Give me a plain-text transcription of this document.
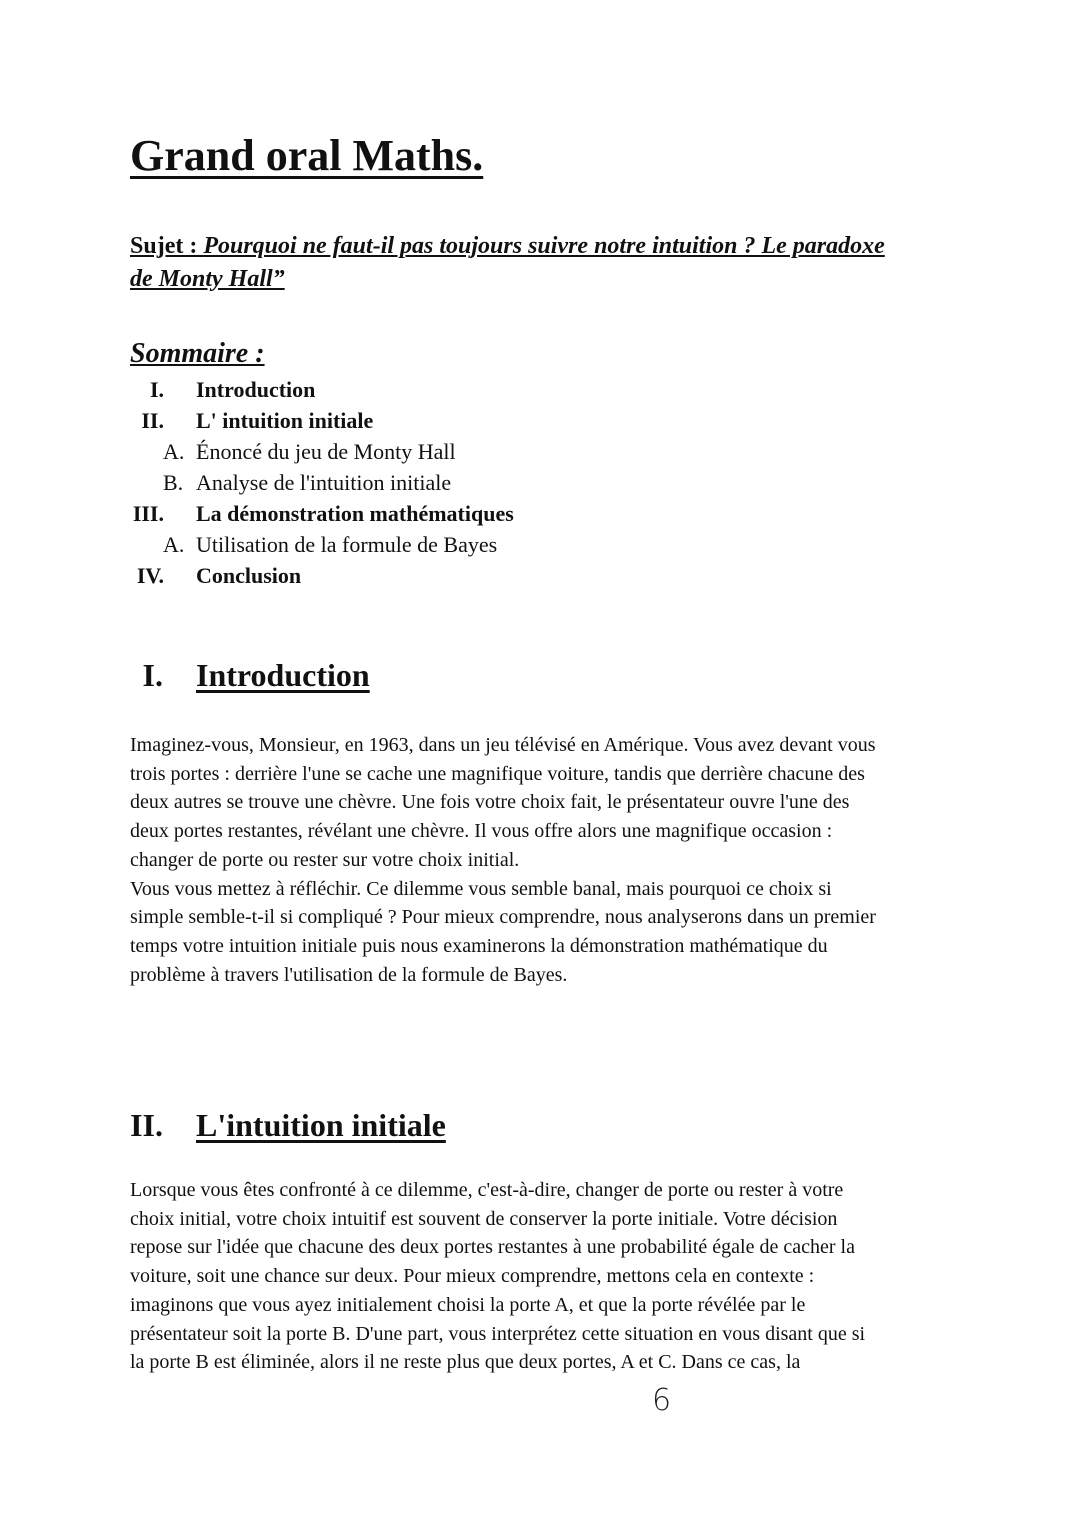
Grand oral Maths.
Sujet : Pourquoi ne faut-il pas toujours suivre notre intuition ? Le paradoxe
de Monty Hall”
Sommaire :
I. Introduction
II. L' intuition initiale
A. Énoncé du jeu de Monty Hall
B. Analyse de l'intuition initiale
III. La démonstration mathématiques
A. Utilisation de la formule de Bayes
IV. Conclusion
I. Introduction
Imaginez-vous, Monsieur, en 1963, dans un jeu télévisé en Amérique. Vous avez devant vous
trois portes : derrière l'une se cache une magnifique voiture, tandis que derrière chacune des
deux autres se trouve une chèvre. Une fois votre choix fait, le présentateur ouvre l'une des
deux portes restantes, révélant une chèvre. Il vous offre alors une magnifique occasion :
changer de porte ou rester sur votre choix initial.
Vous vous mettez à réfléchir. Ce dilemme vous semble banal, mais pourquoi ce choix si
simple semble-t-il si compliqué ? Pour mieux comprendre, nous analyserons dans un premier
temps votre intuition initiale puis nous examinerons la démonstration mathématique du
problème à travers l'utilisation de la formule de Bayes.
II. L'intuition initiale
Lorsque vous êtes confronté à ce dilemme, c'est-à-dire, changer de porte ou rester à votre
choix initial, votre choix intuitif est souvent de conserver la porte initiale. Votre décision
repose sur l'idée que chacune des deux portes restantes à une probabilité égale de cacher la
voiture, soit une chance sur deux. Pour mieux comprendre, mettons cela en contexte :
imaginons que vous ayez initialement choisi la porte A, et que la porte révélée par le
présentateur soit la porte B. D'une part, vous interprétez cette situation en vous disant que si
la porte B est éliminée, alors il ne reste plus que deux portes, A et C. Dans ce cas, la
6
